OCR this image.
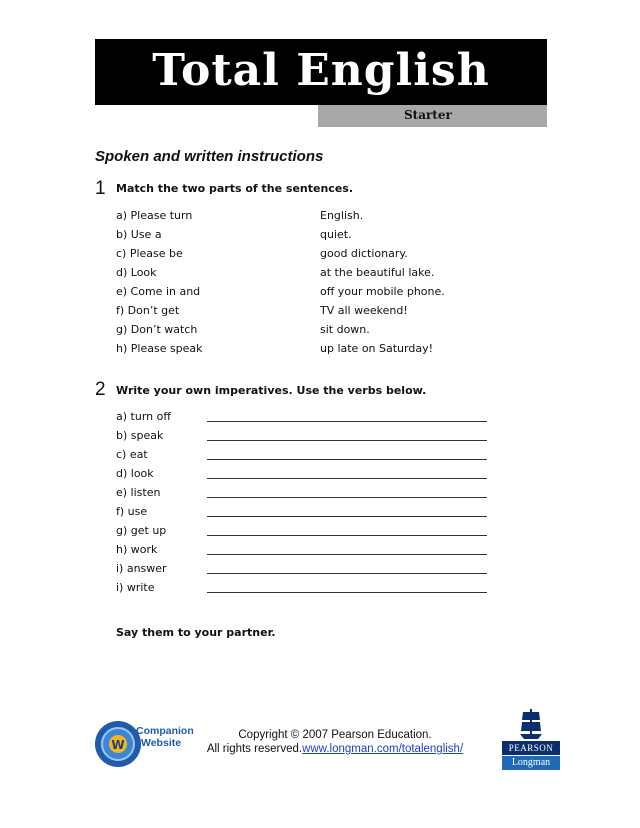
Total English
Starter
Spoken and written instructions
1 Match the two parts of the sentences.
a) Please turn	English.
b) Use a	quiet.
c) Please be	good dictionary.
d) Look	at the beautiful lake.
e) Come in and	off your mobile phone.
f) Don’t get	TV all weekend!
g) Don’t watch	sit down.
h) Please speak	up late on Saturday!
2 Write your own imperatives. Use the verbs below.
a) turn off
b) speak
c) eat
d) look
e) listen
f) use
g) get up
h) work
i) answer
i) write
Say them to your partner.
W
Companion
Website
Copyright © 2007 Pearson Education.
All rights reserved.www.longman.com/totalenglish/	PEARSON
Longman
